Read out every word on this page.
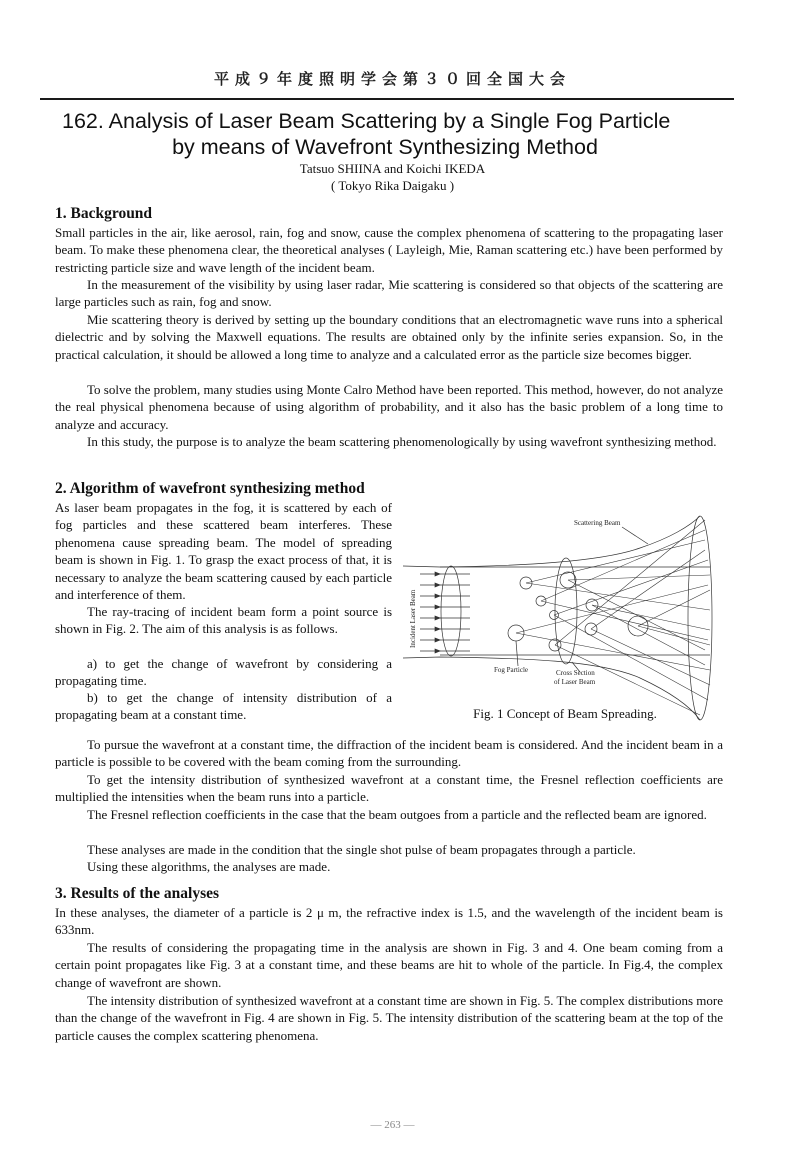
平成９年度照明学会第３０回全国大会
162. Analysis of Laser Beam Scattering by a Single Fog Particle
by means of Wavefront Synthesizing Method
Tatsuo SHIINA and Koichi IKEDA
( Tokyo Rika Daigaku )
1. Background

Small particles in the air, like aerosol, rain, fog and snow, cause the complex phenomena of scattering to the propagating laser beam. To make these phenomena clear, the theoretical analyses ( Layleigh, Mie, Raman scattering etc.) have been performed by restricting particle size and wave length of the incident beam.

In the measurement of the visibility by using laser radar, Mie scattering is considered so that objects of the scattering are large particles such as rain, fog and snow.

Mie scattering theory is derived by setting up the boundary conditions that an electromagnetic wave runs into a spherical dielectric and by solving the Maxwell equations. The results are obtained only by the infinite series expansion. So, in the practical calculation, it should be allowed a long time to analyze and a calculated error as the particle size becomes bigger.

To solve the problem, many studies using Monte Calro Method have been reported. This method, however, do not analyze the real physical phenomena because of using algorithm of probability, and it also has the basic problem of a long time to analyze and accuracy.

In this study, the purpose is to analyze the beam scattering phenomenologically by using wavefront synthesizing method.

2. Algorithm of wavefront synthesizing method

As laser beam propagates in the fog, it is scattered by each of fog particles and these scattered beam interferes. These phenomena cause spreading beam. The model of spreading beam is shown in Fig. 1. To grasp the exact process of that, it is necessary to analyze the beam scattering caused by each particle and interference of them.

The ray-tracing of incident beam form a point source is shown in Fig. 2. The aim of this analysis is as follows.

a) to get the change of wavefront by considering a propagating time.

b) to get the change of intensity distribution of a propagating beam at a constant time.

Scattering Beam
Incident Laser Beam
Fog Particle	Cross Section
of Laser Beam
Fig. 1 Concept of Beam Spreading.

To pursue the wavefront at a constant time, the diffraction of the incident beam is considered. And the incident beam in a particle is possible to be covered with the beam coming from the surrounding.

To get the intensity distribution of synthesized wavefront at a constant time, the Fresnel reflection coefficients are multiplied the intensities when the beam runs into a particle.

The Fresnel reflection coefficients in the case that the beam outgoes from a particle and the reflected beam are ignored.

These analyses are made in the condition that the single shot pulse of beam propagates through a particle.

Using these algorithms, the analyses are made.

3. Results of the analyses

In these analyses, the diameter of a particle is 2 μ m, the refractive index is 1.5, and the wavelength of the incident beam is 633nm.

The results of considering the propagating time in the analysis are shown in Fig. 3 and 4. One beam coming from a certain point propagates like Fig. 3 at a constant time, and these beams are hit to whole of the particle. In Fig.4, the complex change of wavefront are shown.

The intensity distribution of synthesized wavefront at a constant time are shown in Fig. 5. The complex distributions more than the change of the wavefront in Fig. 4 are shown in Fig. 5. The intensity distribution of the scattering beam at the top of the particle causes the complex scattering phenomena.

— 263 —
